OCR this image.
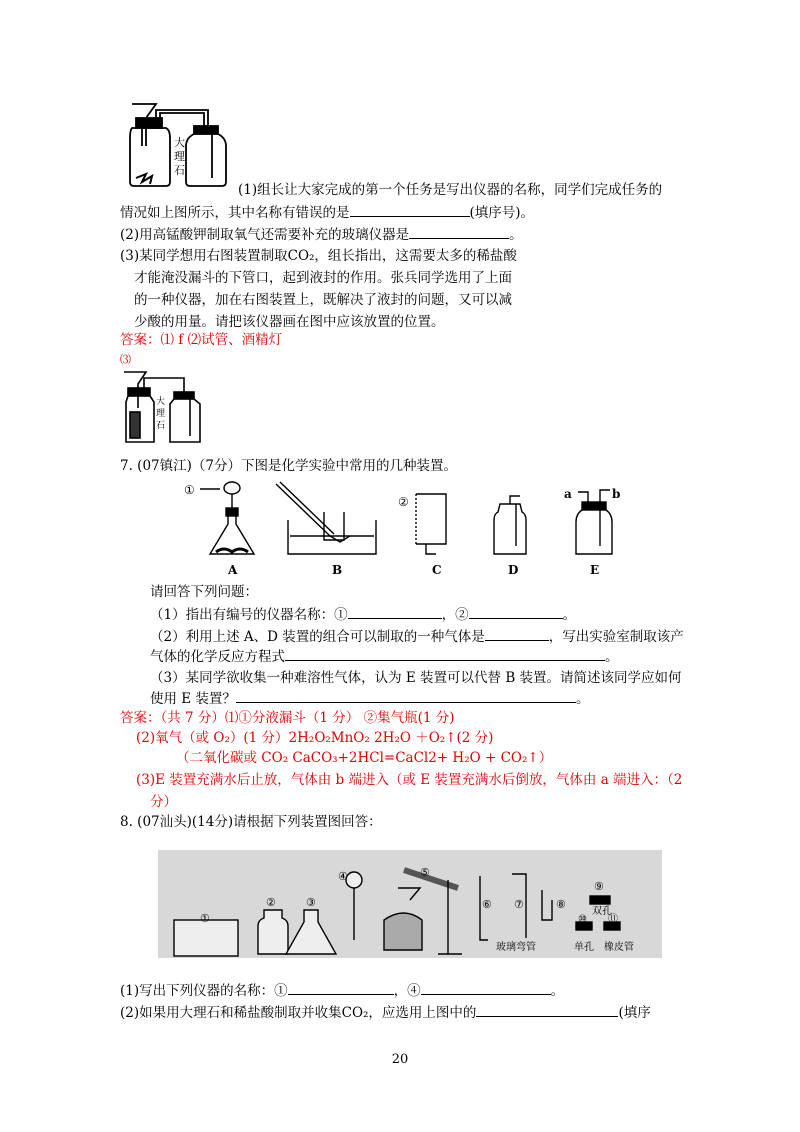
大
理
石
(1)组长让大家完成的第一个任务是写出仪器的名称，同学们完成任务的
情况如上图所示，其中名称有错误的是	(填序号)。
(2)用高锰酸钾制取氧气还需要补充的玻璃仪器是	。
(3)某同学想用右图装置制取CO₂，组长指出，这需要太多的稀盐酸
才能淹没漏斗的下管口，起到液封的作用。张兵同学选用了上面
的一种仪器，加在右图装置上，既解决了液封的问题，又可以减
少酸的用量。请把该仪器画在图中应该放置的位置。
答案：⑴ f ⑵试管、酒精灯
⑶
大
理
石
7. (07镇江)（7分）下图是化学实验中常用的几种装置。
①
②
a	b
A	B	C	D	E
请回答下列问题：
（1）指出有编号的仪器名称：①	，②	。
（2）利用上述 A、D 装置的组合可以制取的一种气体是	，写出实验室制取该产
气体的化学反应方程式	。
（3）某同学欲收集一种难溶性气体，认为 E 装置可以代替 B 装置。请简述该同学应如何
使用 E 装置？	。
答案：（共 7 分）⑴①分液漏斗（1 分） ②集气瓶(1 分)
(2)氧气（或 O₂）(1 分）2H₂O₂MnO₂ 2H₂O ＋O₂↑(2 分)
（二氧化碳或 CO₂ CaCO₃+2HCl=CaCl2+ H₂O + CO₂↑）
(3)E 装置充满水后止放，气体由 b 端进入（或 E 装置充满水后倒放，气体由 a 端进入：（2
分）
8. (07汕头)(14分)请根据下列装置图回答：
①
②	③
④	⑤
⑥ ⑦	⑧
⑨
⑩ ⑪
玻璃弯管
双孔
单孔 橡皮管
(1)写出下列仪器的名称：①	，④	。
(2)如果用大理石和稀盐酸制取并收集CO₂，应选用上图中的	(填序
20
